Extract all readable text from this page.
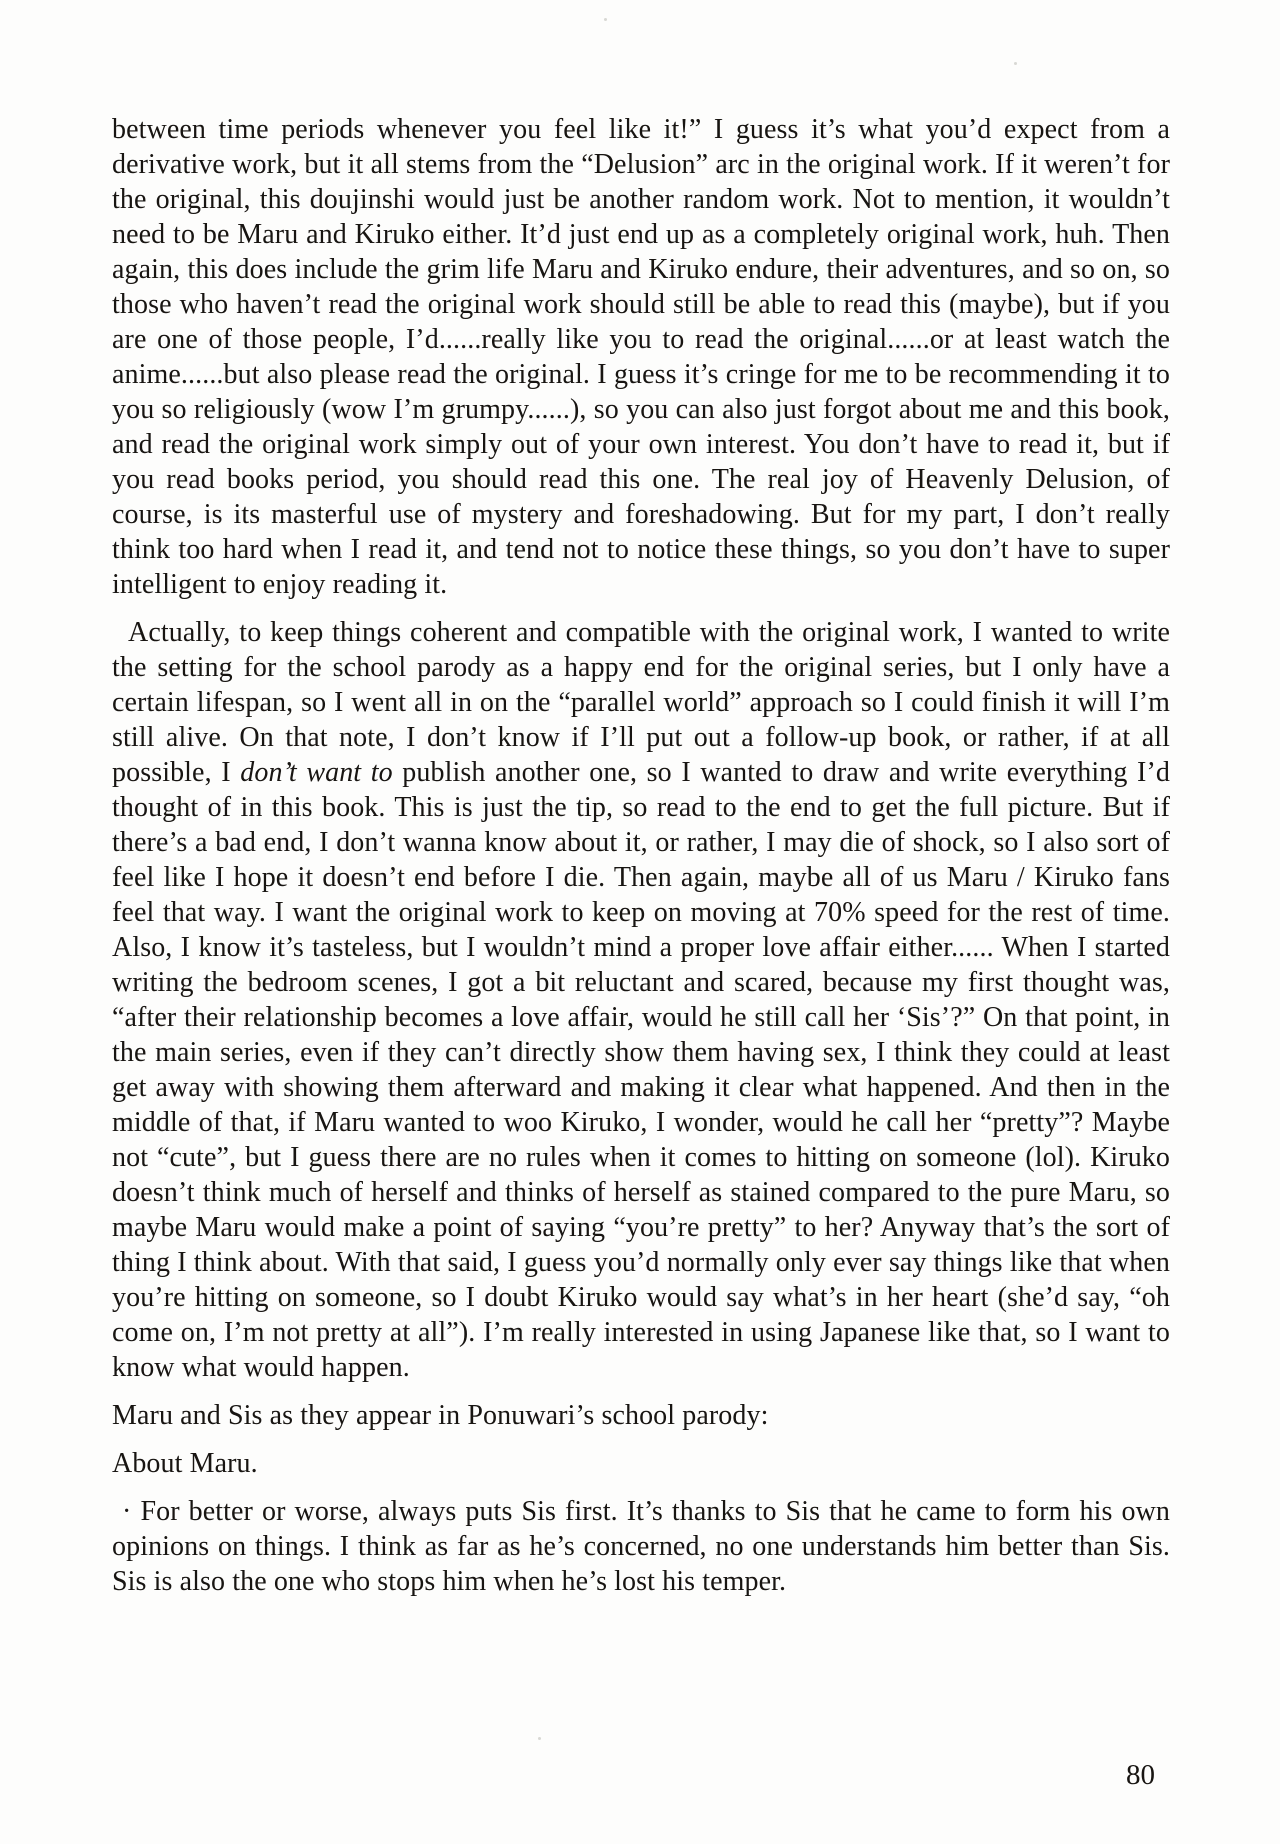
between time periods whenever you feel like it!” I guess it’s what you’d expect from a derivative work, but it all stems from the “Delusion” arc in the original work. If it weren’t for the original, this doujinshi would just be another random work. Not to mention, it wouldn’t need to be Maru and Kiruko either. It’d just end up as a completely original work, huh. Then again, this does include the grim life Maru and Kiruko endure, their adventures, and so on, so those who haven’t read the original work should still be able to read this (maybe), but if you are one of those people, I’d......really like you to read the original......or at least watch the anime......but also please read the original. I guess it’s cringe for me to be recommending it to you so religiously (wow I’m grumpy......), so you can also just forgot about me and this book, and read the original work simply out of your own interest. You don’t have to read it, but if you read books period, you should read this one. The real joy of Heavenly Delusion, of course, is its masterful use of mystery and foreshadowing. But for my part, I don’t really think too hard when I read it, and tend not to notice these things, so you don’t have to super intelligent to enjoy reading it.

Actually, to keep things coherent and compatible with the original work, I wanted to write the setting for the school parody as a happy end for the original series, but I only have a certain lifespan, so I went all in on the “parallel world” approach so I could finish it will I’m still alive. On that note, I don’t know if I’ll put out a follow-up book, or rather, if at all possible, I don’t want to publish another one, so I wanted to draw and write everything I’d thought of in this book. This is just the tip, so read to the end to get the full picture. But if there’s a bad end, I don’t wanna know about it, or rather, I may die of shock, so I also sort of feel like I hope it doesn’t end before I die. Then again, maybe all of us Maru / Kiruko fans feel that way. I want the original work to keep on moving at 70% speed for the rest of time. Also, I know it’s tasteless, but I wouldn’t mind a proper love affair either...... When I started writing the bedroom scenes, I got a bit reluctant and scared, because my first thought was, “after their relationship becomes a love affair, would he still call her ‘Sis’?” On that point, in the main series, even if they can’t directly show them having sex, I think they could at least get away with showing them afterward and making it clear what happened. And then in the middle of that, if Maru wanted to woo Kiruko, I wonder, would he call her “pretty”? Maybe not “cute”, but I guess there are no rules when it comes to hitting on someone (lol). Kiruko doesn’t think much of herself and thinks of herself as stained compared to the pure Maru, so maybe Maru would make a point of saying “you’re pretty” to her? Anyway that’s the sort of thing I think about. With that said, I guess you’d normally only ever say things like that when you’re hitting on someone, so I doubt Kiruko would say what’s in her heart (she’d say, “oh come on, I’m not pretty at all”). I’m really interested in using Japanese like that, so I want to know what would happen.

Maru and Sis as they appear in Ponuwari’s school parody:

About Maru.

· For better or worse, always puts Sis first. It’s thanks to Sis that he came to form his own opinions on things. I think as far as he’s concerned, no one understands him better than Sis. Sis is also the one who stops him when he’s lost his temper.

80
